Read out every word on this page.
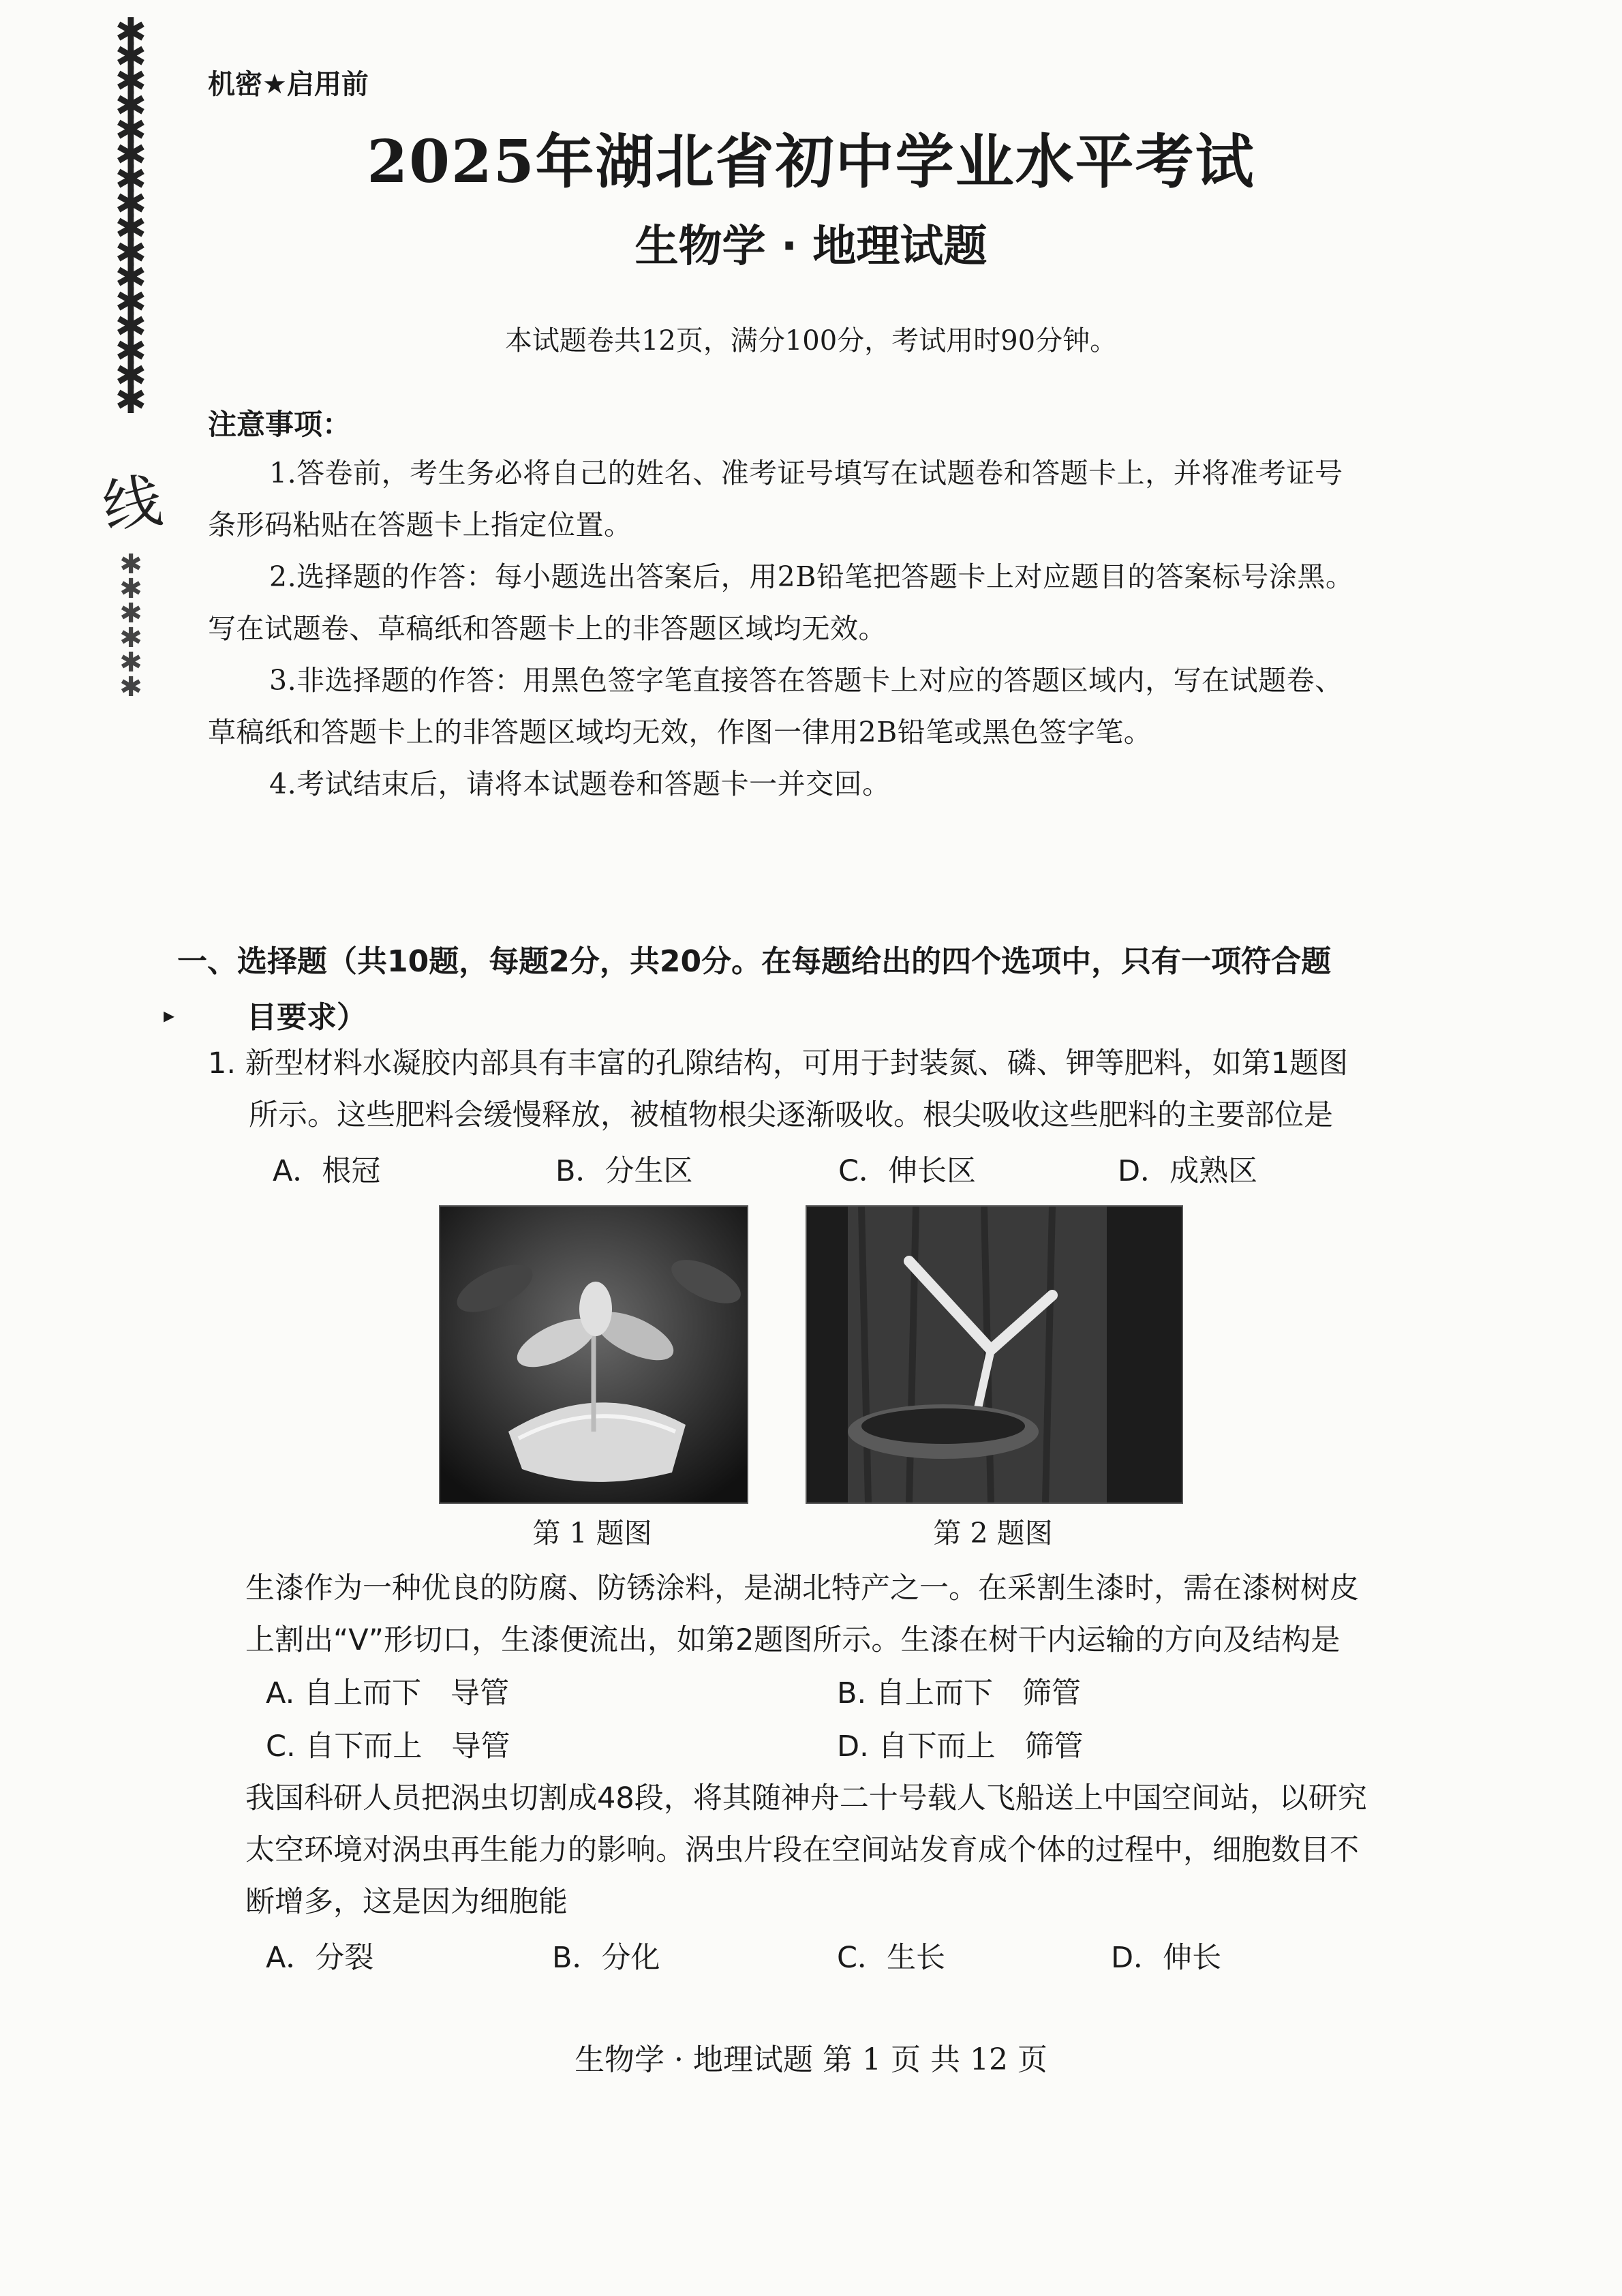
✱✱✱✱✱✱✱✱✱✱✱✱✱✱✱✱
线
✱✱✱✱✱✱
机密★启用前
2025年湖北省初中学业水平考试
生物学 · 地理试题
本试题卷共12页，满分100分，考试用时90分钟。
注意事项：
1.答卷前，考生务必将自己的姓名、准考证号填写在试题卷和答题卡上，并将准考证号
条形码粘贴在答题卡上指定位置。
2.选择题的作答：每小题选出答案后，用2B铅笔把答题卡上对应题目的答案标号涂黑。
写在试题卷、草稿纸和答题卡上的非答题区域均无效。
3.非选择题的作答：用黑色签字笔直接答在答题卡上对应的答题区域内，写在试题卷、
草稿纸和答题卡上的非答题区域均无效，作图一律用2B铅笔或黑色签字笔。
4.考试结束后，请将本试题卷和答题卡一并交回。
一、选择题（共10题，每题2分，共20分。在每题给出的四个选项中，只有一项符合题
目要求）
▸
1. 新型材料水凝胶内部具有丰富的孔隙结构，可用于封装氮、磷、钾等肥料，如第1题图
所示。这些肥料会缓慢释放，被植物根尖逐渐吸收。根尖吸收这些肥料的主要部位是
A．根冠	B．分生区	C．伸长区	D．成熟区
第 1 题图	第 2 题图
生漆作为一种优良的防腐、防锈涂料，是湖北特产之一。在采割生漆时，需在漆树树皮
上割出“V”形切口，生漆便流出，如第2题图所示。生漆在树干内运输的方向及结构是
A. 自上而下　导管	B. 自上而下　筛管
C. 自下而上　导管	D. 自下而上　筛管
我国科研人员把涡虫切割成48段，将其随神舟二十号载人飞船送上中国空间站，以研究
太空环境对涡虫再生能力的影响。涡虫片段在空间站发育成个体的过程中，细胞数目不
断增多，这是因为细胞能
A．分裂	B．分化	C．生长	D．伸长
生物学 · 地理试题 第 1 页 共 12 页
